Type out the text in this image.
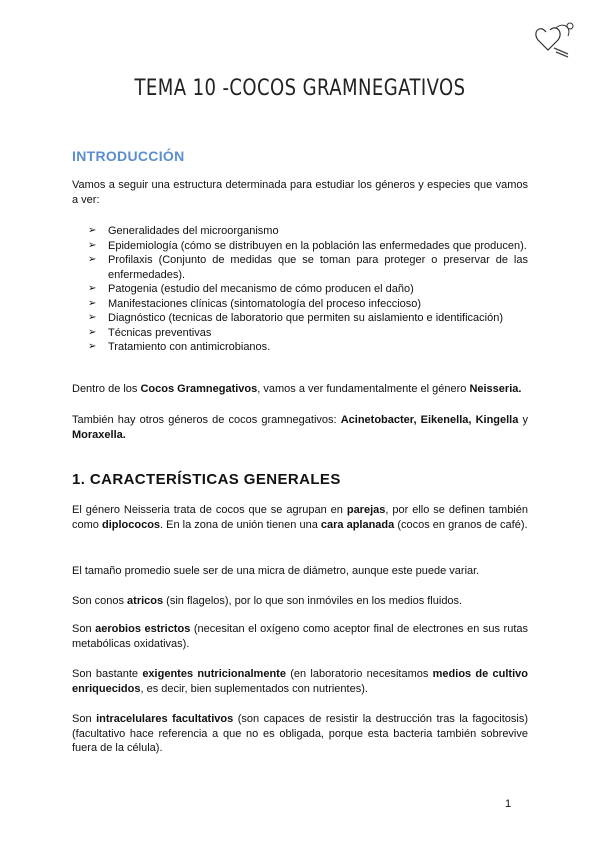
TEMA 10 -COCOS GRAMNEGATIVOS
INTRODUCCIÓN

Vamos a seguir una estructura determinada para estudiar los géneros y especies que vamos a ver:

➢ Generalidades del microorganismo
➢ Epidemiología (cómo se distribuyen en la población las enfermedades que producen).
➢ Profilaxis (Conjunto de medidas que se toman para proteger o preservar de las enfermedades).
➢ Patogenia (estudio del mecanismo de cómo producen el daño)
➢ Manifestaciones clínicas (sintomatología del proceso infeccioso)
➢ Diagnóstico (tecnicas de laboratorio que permiten su aislamiento e identificación)
➢ Técnicas preventivas
➢ Tratamiento con antimicrobianos.

Dentro de los Cocos Gramnegativos, vamos a ver fundamentalmente el género Neisseria.

También hay otros géneros de cocos gramnegativos: Acinetobacter, Eikenella, Kingella y Moraxella.

1. CARACTERÍSTICAS GENERALES

El género Neisseria trata de cocos que se agrupan en parejas, por ello se definen también como diplococos. En la zona de unión tienen una cara aplanada (cocos en granos de café).

El tamaño promedio suele ser de una micra de diámetro, aunque este puede variar.

Son conos atricos (sin flagelos), por lo que son inmóviles en los medios fluidos.

Son aerobios estrictos (necesitan el oxígeno como aceptor final de electrones en sus rutas metabólicas oxidativas).

Son bastante exigentes nutricionalmente (en laboratorio necesitamos medios de cultivo enriquecidos, es decir, bien suplementados con nutrientes).

Son intracelulares facultativos (son capaces de resistir la destrucción tras la fagocitosis) (facultativo hace referencia a que no es obligada, porque esta bacteria también sobrevive fuera de la célula).

1
